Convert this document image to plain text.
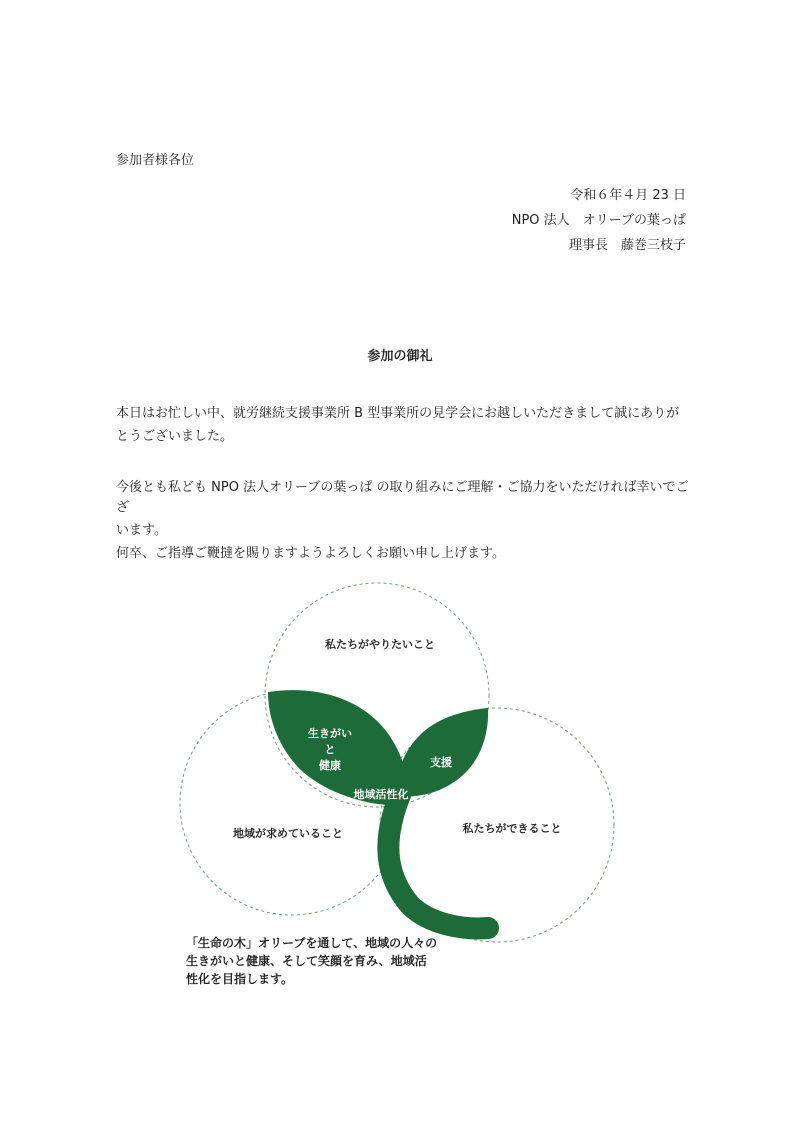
参加者様各位
令和６年４月 23 日
NPO 法人　オリーブの葉っぱ
理事長　藤巻三枝子
参加の御礼
本日はお忙しい中、就労継続支援事業所 B 型事業所の見学会にお越しいただきまして誠にありが
とうございました。
今後とも私ども NPO 法人オリーブの葉っぱ の取り組みにご理解・ご協力をいただければ幸いでござ
います。
何卒、ご指導ご鞭撻を賜りますようよろしくお願い申し上げます。
私たちがやりたいこと
地域が求めていること	私たちができること
生きがい
と
健康	支援
地域活性化
「生命の木」オリーブを通して、地域の人々の
生きがいと健康、そして笑顔を育み、地域活
性化を目指します。
